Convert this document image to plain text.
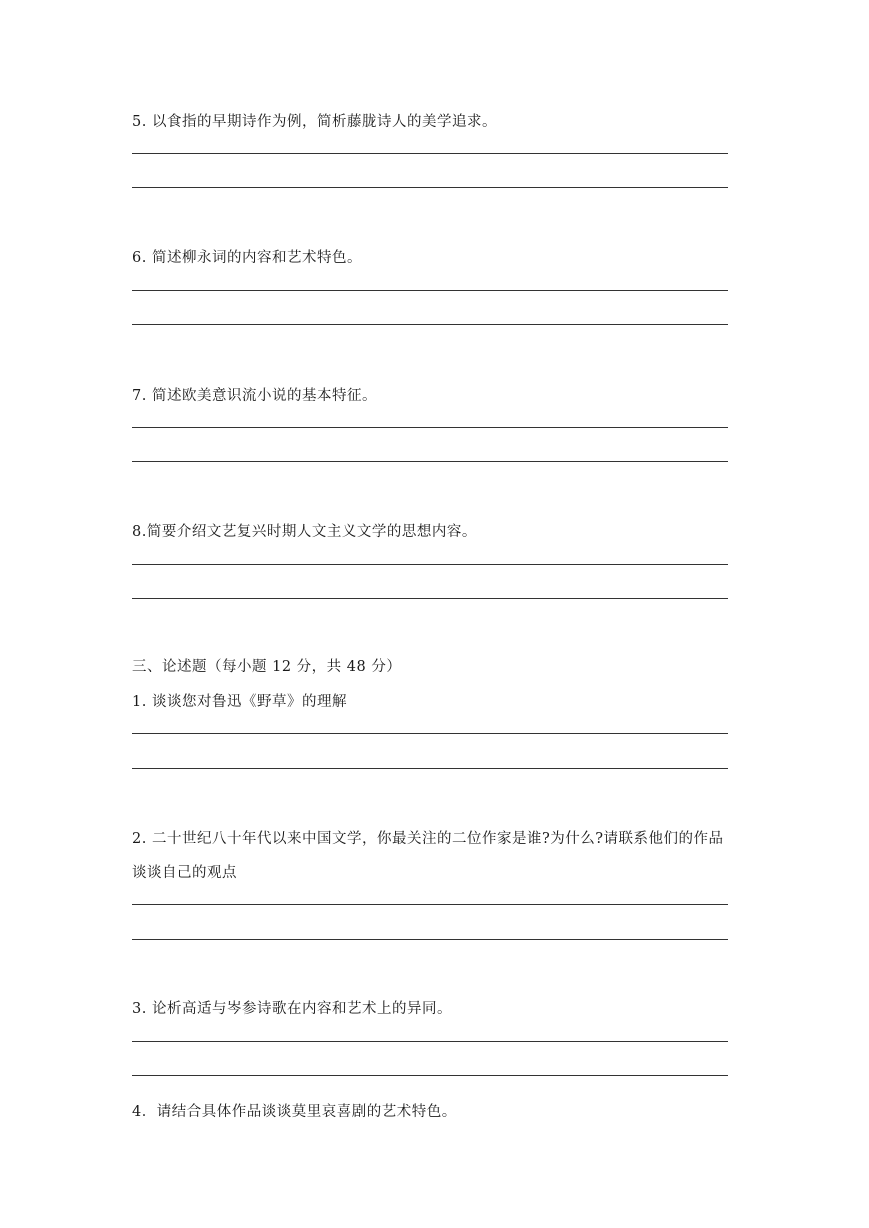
5. 以食指的早期诗作为例，简析藤胧诗人的美学追求。
6. 简述柳永词的内容和艺术特色。
7. 简述欧美意识流小说的基本特征。
8.简要介绍文艺复兴时期人文主义文学的思想内容。
三、论述题（每小题 12 分，共 48 分）
1. 谈谈您对鲁迅《野草》的理解
2. 二十世纪八十年代以来中国文学，你最关注的二位作家是谁?为什么?请联系他们的作品
谈谈自己的观点
3. 论析高适与岑参诗歌在内容和艺术上的异同。
4．请结合具体作品谈谈莫里哀喜剧的艺术特色。
